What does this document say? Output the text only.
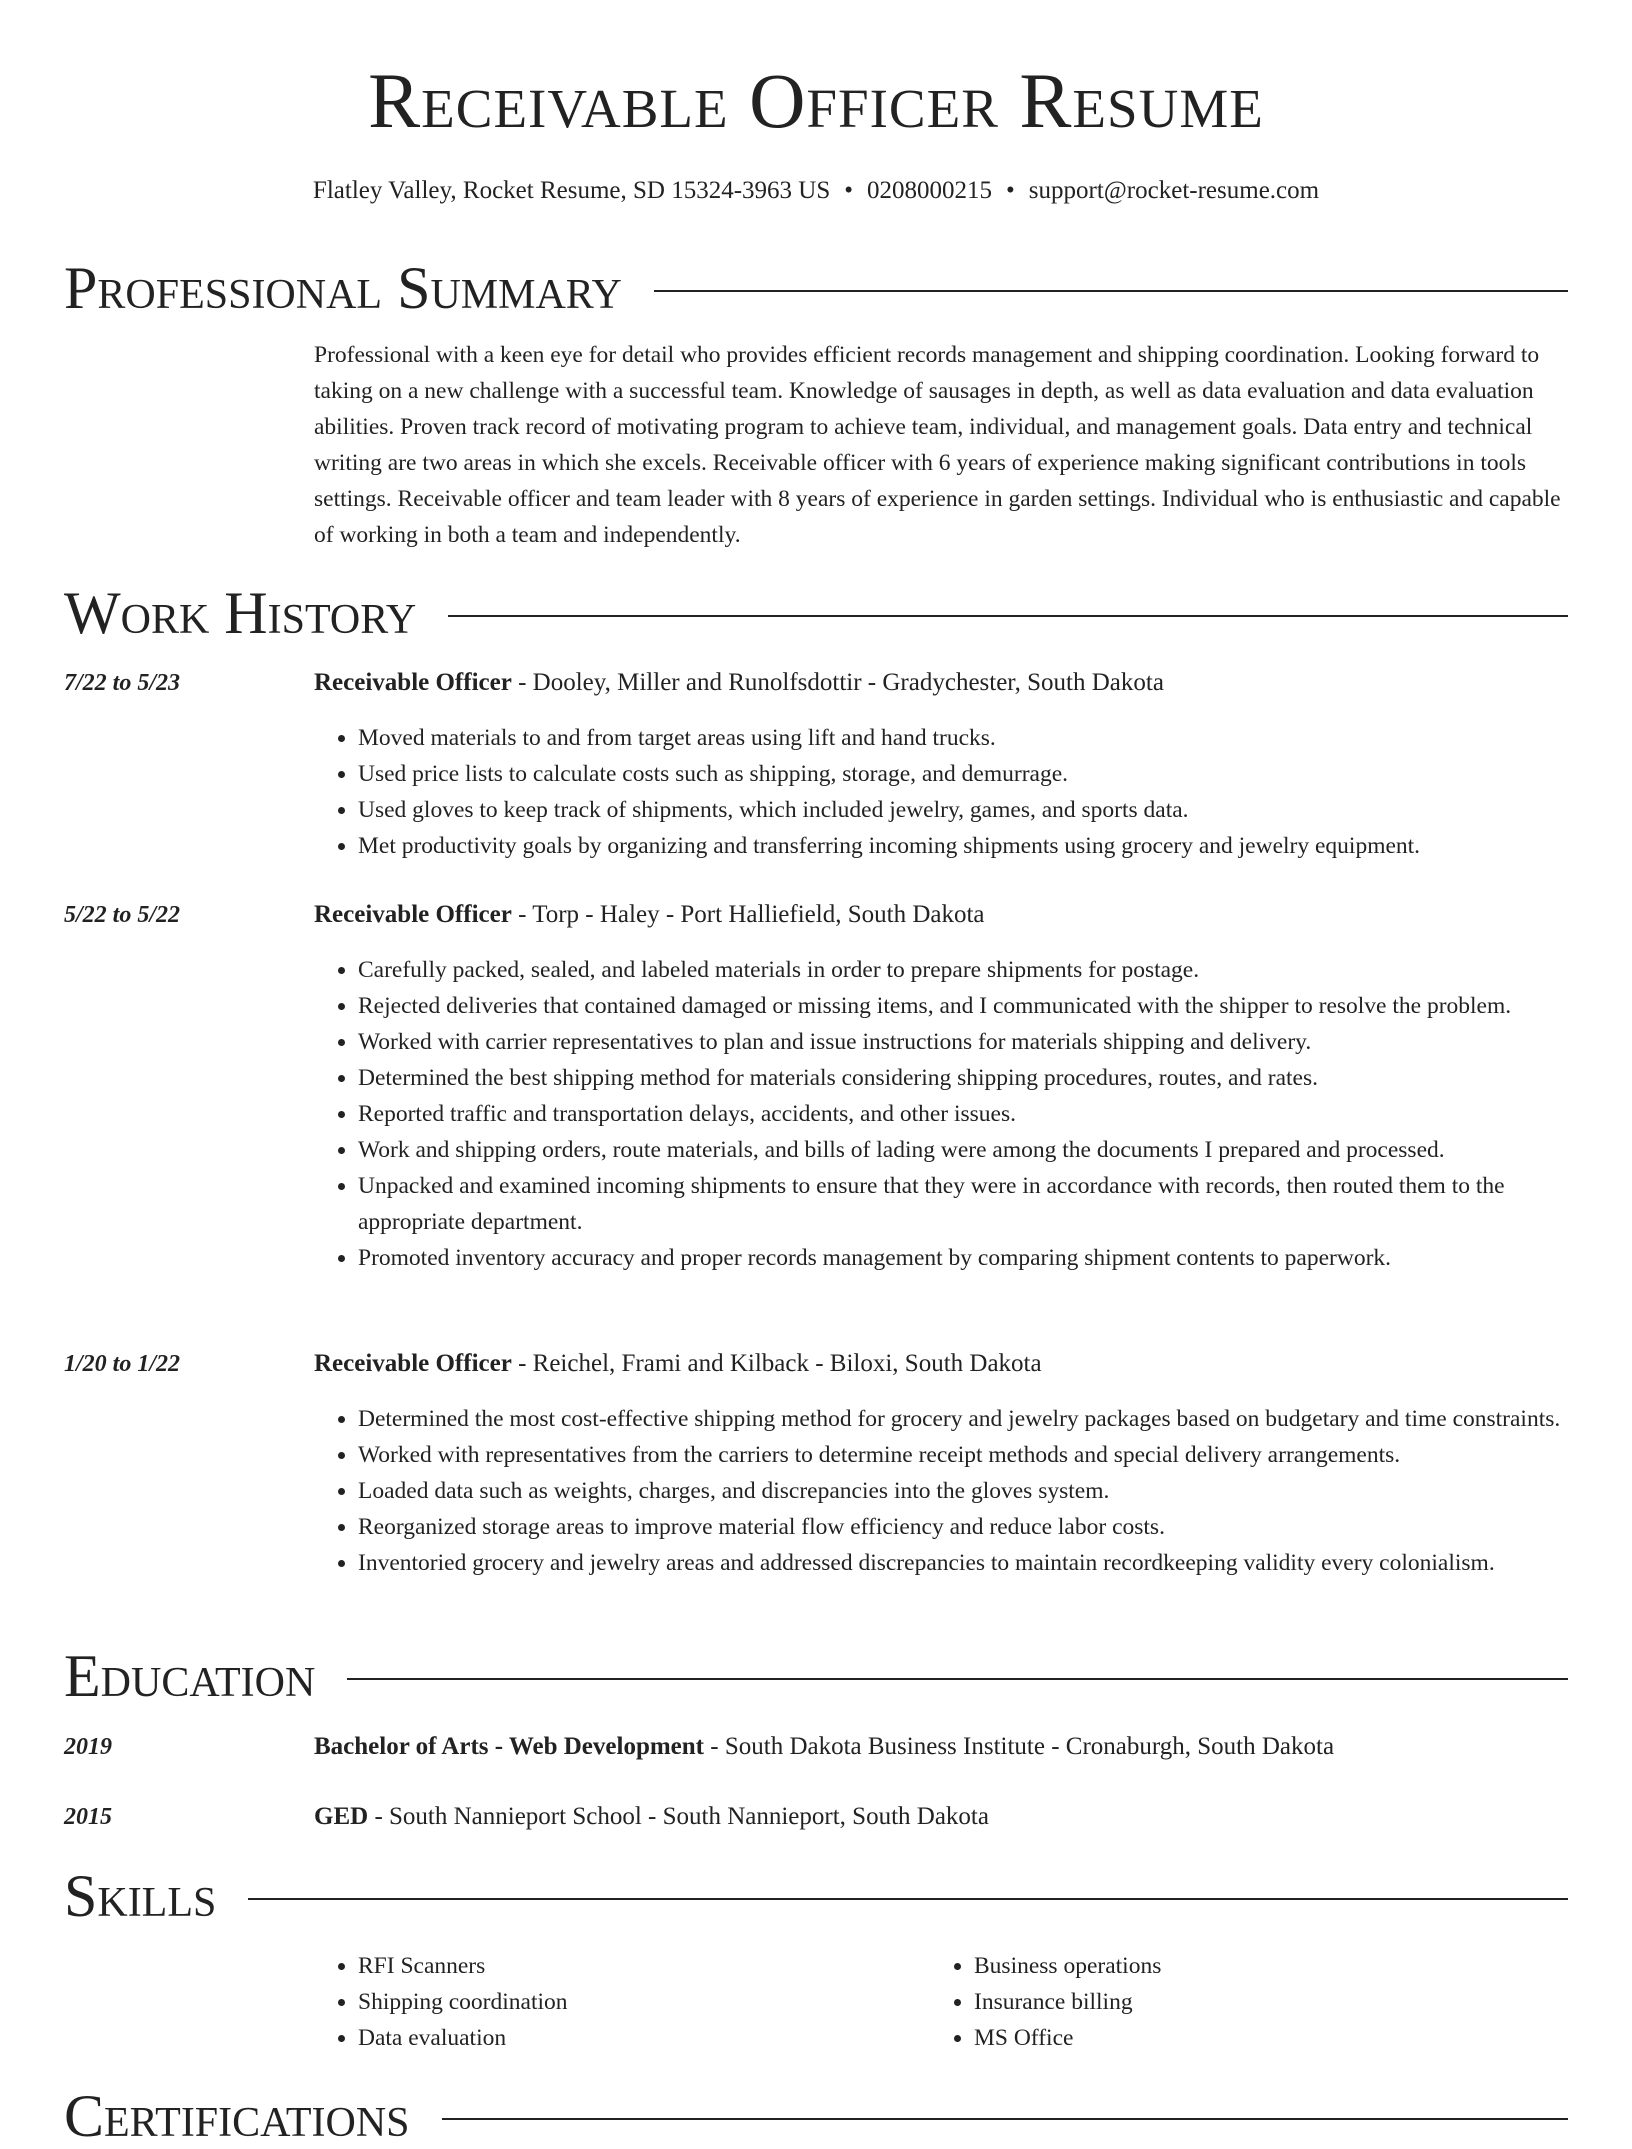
Receivable Officer Resume
Flatley Valley, Rocket Resume, SD 15324-3963 US • 0208000215 • support@rocket-resume.com
Professional Summary

Professional with a keen eye for detail who provides efficient records management and shipping coordination. Looking forward to taking on a new challenge with a successful team. Knowledge of sausages in depth, as well as data evaluation and data evaluation abilities. Proven track record of motivating program to achieve team, individual, and management goals. Data entry and technical writing are two areas in which she excels. Receivable officer with 6 years of experience making significant contributions in tools settings. Receivable officer and team leader with 8 years of experience in garden settings. Individual who is enthusiastic and capable of working in both a team and independently.

Work History
7/22 to 5/23	Receivable Officer - Dooley, Miller and Runolfsdottir - Gradychester, South Dakota
• Moved materials to and from target areas using lift and hand trucks.
• Used price lists to calculate costs such as shipping, storage, and demurrage.
• Used gloves to keep track of shipments, which included jewelry, games, and sports data.
• Met productivity goals by organizing and transferring incoming shipments using grocery and jewelry equipment.
5/22 to 5/22	Receivable Officer - Torp - Haley - Port Halliefield, South Dakota
• Carefully packed, sealed, and labeled materials in order to prepare shipments for postage.
• Rejected deliveries that contained damaged or missing items, and I communicated with the shipper to resolve the problem.
• Worked with carrier representatives to plan and issue instructions for materials shipping and delivery.
• Determined the best shipping method for materials considering shipping procedures, routes, and rates.
• Reported traffic and transportation delays, accidents, and other issues.
• Work and shipping orders, route materials, and bills of lading were among the documents I prepared and processed.
• Unpacked and examined incoming shipments to ensure that they were in accordance with records, then routed them to the appropriate department.
• Promoted inventory accuracy and proper records management by comparing shipment contents to paperwork.
1/20 to 1/22	Receivable Officer - Reichel, Frami and Kilback - Biloxi, South Dakota
• Determined the most cost-effective shipping method for grocery and jewelry packages based on budgetary and time constraints.
• Worked with representatives from the carriers to determine receipt methods and special delivery arrangements.
• Loaded data such as weights, charges, and discrepancies into the gloves system.
• Reorganized storage areas to improve material flow efficiency and reduce labor costs.
• Inventoried grocery and jewelry areas and addressed discrepancies to maintain recordkeeping validity every colonialism.
Education
2019	Bachelor of Arts - Web Development - South Dakota Business Institute - Cronaburgh, South Dakota
2015	GED - South Nannieport School - South Nannieport, South Dakota
Skills
• RFI Scanners
• Shipping coordination
• Data evaluation
• Business operations
• Insurance billing
• MS Office
Certifications
